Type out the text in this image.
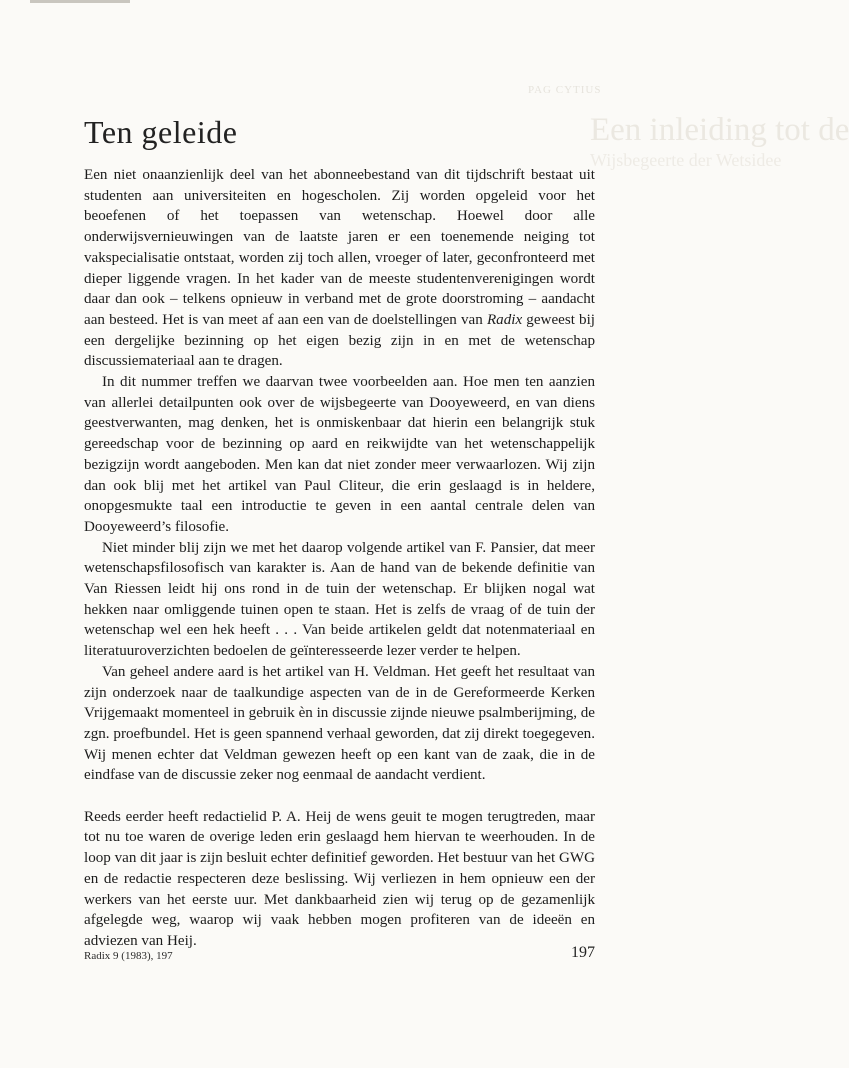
PAG CYTIUS
Een inleiding tot de
Wijsbegeerte der Wetsidee
Ten geleide

Een niet onaanzienlijk deel van het abonneebestand van dit tijdschrift bestaat uit studenten aan universiteiten en hogescholen. Zij worden opgeleid voor het beoefenen of het toepassen van wetenschap. Hoewel door alle onderwijsvernieuwingen van de laatste jaren er een toenemende neiging tot vakspecialisatie ontstaat, worden zij toch allen, vroeger of later, geconfronteerd met dieper liggende vragen. In het kader van de meeste studentenverenigingen wordt daar dan ook – telkens opnieuw in verband met de grote doorstroming – aandacht aan besteed. Het is van meet af aan een van de doelstellingen van Radix geweest bij een dergelijke bezinning op het eigen bezig zijn in en met de wetenschap discussiemateriaal aan te dragen.

In dit nummer treffen we daarvan twee voorbeelden aan. Hoe men ten aanzien van allerlei detailpunten ook over de wijsbegeerte van Dooyeweerd, en van diens geestverwanten, mag denken, het is onmiskenbaar dat hierin een belangrijk stuk gereedschap voor de bezinning op aard en reikwijdte van het wetenschappelijk bezigzijn wordt aangeboden. Men kan dat niet zonder meer verwaarlozen. Wij zijn dan ook blij met het artikel van Paul Cliteur, die erin geslaagd is in heldere, onopgesmukte taal een introductie te geven in een aantal centrale delen van Dooyeweerd’s filosofie.

Niet minder blij zijn we met het daarop volgende artikel van F. Pansier, dat meer wetenschapsfilosofisch van karakter is. Aan de hand van de bekende definitie van Van Riessen leidt hij ons rond in de tuin der wetenschap. Er blijken nogal wat hekken naar omliggende tuinen open te staan. Het is zelfs de vraag of de tuin der wetenschap wel een hek heeft . . . Van beide artikelen geldt dat notenmateriaal en literatuuroverzichten bedoelen de geïnteresseerde lezer verder te helpen.

Van geheel andere aard is het artikel van H. Veldman. Het geeft het resultaat van zijn onderzoek naar de taalkundige aspecten van de in de Gereformeerde Kerken Vrijgemaakt momenteel in gebruik èn in discussie zijnde nieuwe psalmberijming, de zgn. proefbundel. Het is geen spannend verhaal geworden, dat zij direkt toegegeven. Wij menen echter dat Veldman gewezen heeft op een kant van de zaak, die in de eindfase van de discussie zeker nog eenmaal de aandacht verdient.

Reeds eerder heeft redactielid P. A. Heij de wens geuit te mogen terugtreden, maar tot nu toe waren de overige leden erin geslaagd hem hiervan te weerhouden. In de loop van dit jaar is zijn besluit echter definitief geworden. Het bestuur van het GWG en de redactie respecteren deze beslissing. Wij verliezen in hem opnieuw een der werkers van het eerste uur. Met dankbaarheid zien wij terug op de gezamenlijk afgelegde weg, waarop wij vaak hebben mogen profiteren van de ideeën en adviezen van Heij.

Radix 9 (1983), 197	197
